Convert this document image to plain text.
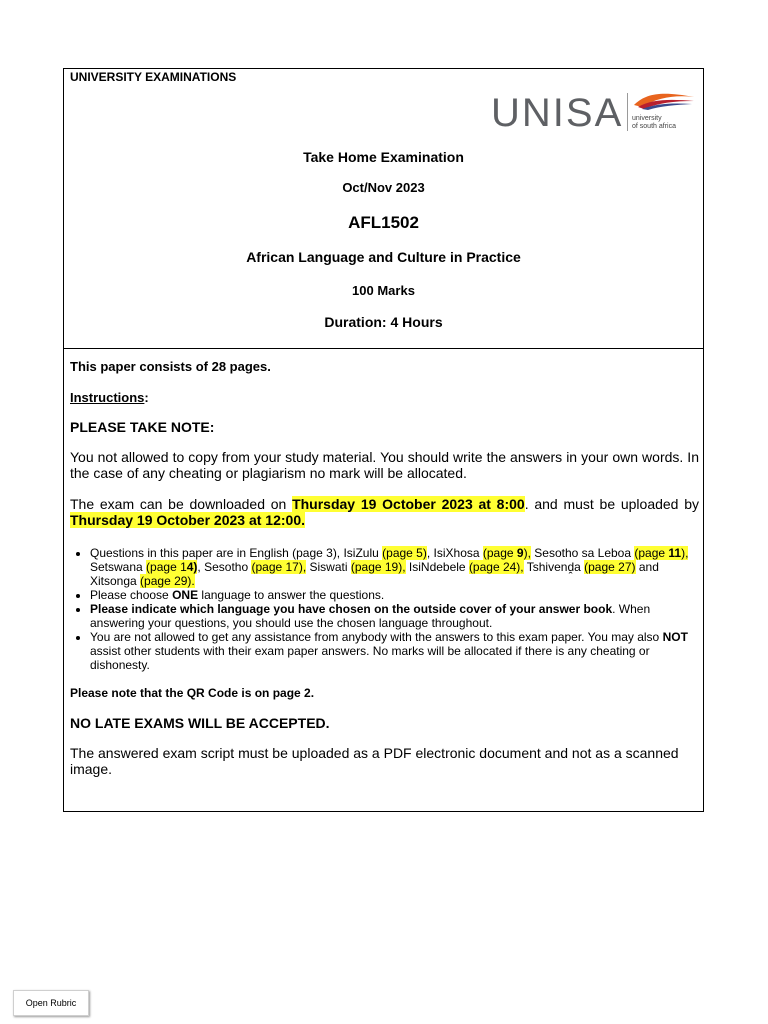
UNIVERSITY EXAMINATIONS
UNISA university
of south africa
Take Home Examination
Oct/Nov 2023
AFL1502
African Language and Culture in Practice
100 Marks
Duration: 4 Hours

This paper consists of 28 pages.

Instructions:

PLEASE TAKE NOTE:

You not allowed to copy from your study material. You should write the answers in your own words. In the case of any cheating or plagiarism no mark will be allocated.

The exam can be downloaded on Thursday 19 October 2023 at 8:00. and must be uploaded by Thursday 19 October 2023 at 12:00.

• Questions in this paper are in English (page 3), IsiZulu (page 5), IsiXhosa (page 9), Sesotho sa Leboa (page 11), Setswana (page 14), Sesotho (page 17), Siswati (page 19), IsiNdebele (page 24), Tshivenḓa (page 27) and Xitsonga (page 29).
• Please choose ONE language to answer the questions.
• Please indicate which language you have chosen on the outside cover of your answer book. When answering your questions, you should use the chosen language throughout.
• You are not allowed to get any assistance from anybody with the answers to this exam paper. You may also NOT assist other students with their exam paper answers. No marks will be allocated if there is any cheating or dishonesty.

Please note that the QR Code is on page 2.

NO LATE EXAMS WILL BE ACCEPTED.

The answered exam script must be uploaded as a PDF electronic document and not as a scanned image.

Open Rubric
